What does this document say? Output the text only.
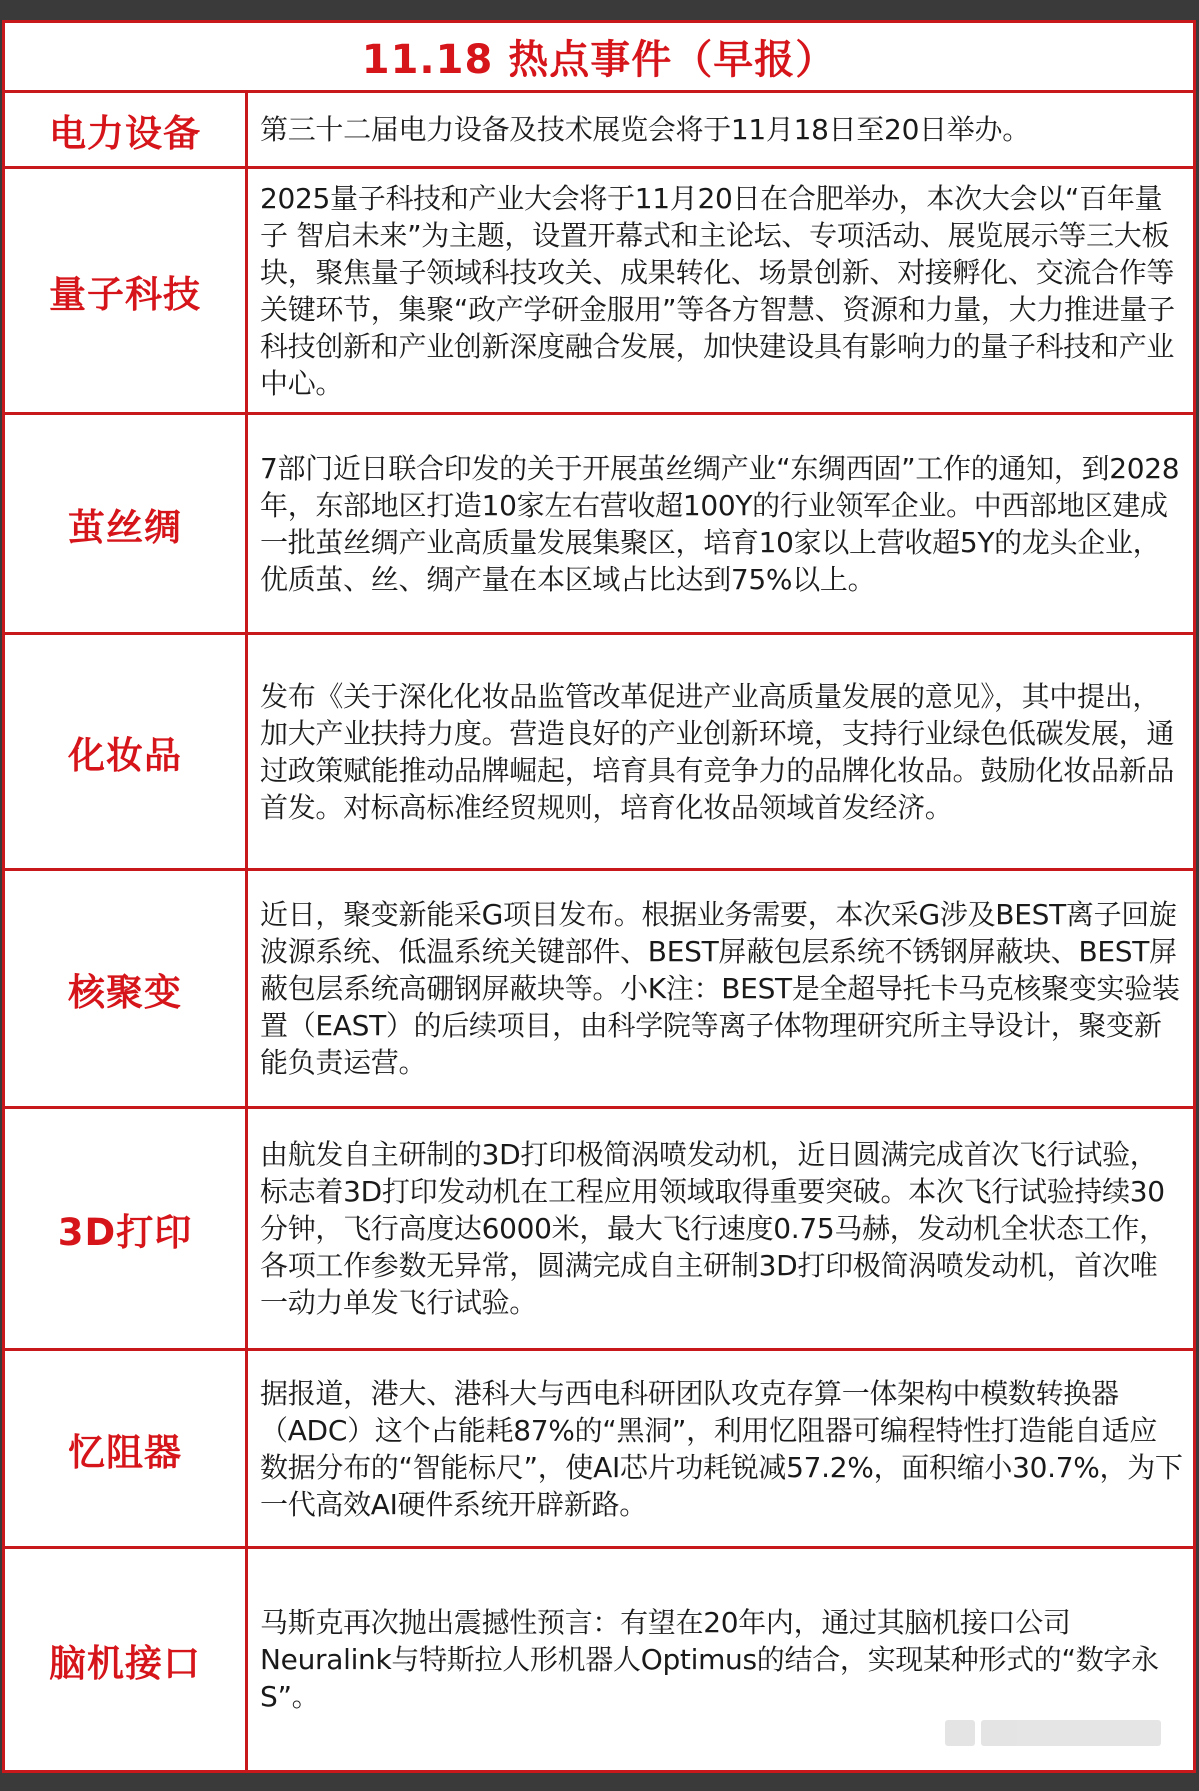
11.18 热点事件（早报）
电力设备 第三十二届电力设备及技术展览会将于11月18日至20日举办。

量子科技

2025量子科技和产业大会将于11月20日在合肥举办，本次大会以“百年量子 智启未来”为主题，设置开幕式和主论坛、专项活动、展览展示等三大板块，聚焦量子领域科技攻关、成果转化、场景创新、对接孵化、交流合作等关键环节，集聚“政产学研金服用”等各方智慧、资源和力量，大力推进量子科技创新和产业创新深度融合发展，加快建设具有影响力的量子科技和产业中心。

茧丝绸

7部门近日联合印发的关于开展茧丝绸产业“东绸西固”工作的通知，到2028年，东部地区打造10家左右营收超100Y的行业领军企业。中西部地区建成一批茧丝绸产业高质量发展集聚区，培育10家以上营收超5Y的龙头企业，优质茧、丝、绸产量在本区域占比达到75%以上。

化妆品

发布《关于深化化妆品监管改革促进产业高质量发展的意见》，其中提出，加大产业扶持力度。营造良好的产业创新环境，支持行业绿色低碳发展，通过政策赋能推动品牌崛起，培育具有竞争力的品牌化妆品。鼓励化妆品新品首发。对标高标准经贸规则，培育化妆品领域首发经济。

核聚变

近日，聚变新能采G项目发布。根据业务需要，本次采G涉及BEST离子回旋波源系统、低温系统关键部件、BEST屏蔽包层系统不锈钢屏蔽块、BEST屏蔽包层系统高硼钢屏蔽块等。小K注：BEST是全超导托卡马克核聚变实验装置（EAST）的后续项目，由科学院等离子体物理研究所主导设计，聚变新能负责运营。

3D打印

由航发自主研制的3D打印极简涡喷发动机，近日圆满完成首次飞行试验，标志着3D打印发动机在工程应用领域取得重要突破。本次飞行试验持续30分钟，飞行高度达6000米，最大飞行速度0.75马赫，发动机全状态工作，各项工作参数无异常，圆满完成自主研制3D打印极简涡喷发动机，首次唯一动力单发飞行试验。

忆阻器

据报道，港大、港科大与西电科研团队攻克存算一体架构中模数转换器（ADC）这个占能耗87%的“黑洞”，利用忆阻器可编程特性打造能自适应数据分布的“智能标尺”，使AI芯片功耗锐减57.2%，面积缩小30.7%，为下一代高效AI硬件系统开辟新路。

脑机接口

马斯克再次抛出震撼性预言：有望在20年内，通过其脑机接口公司Neuralink与特斯拉人形机器人Optimus的结合，实现某种形式的“数字永S”。
